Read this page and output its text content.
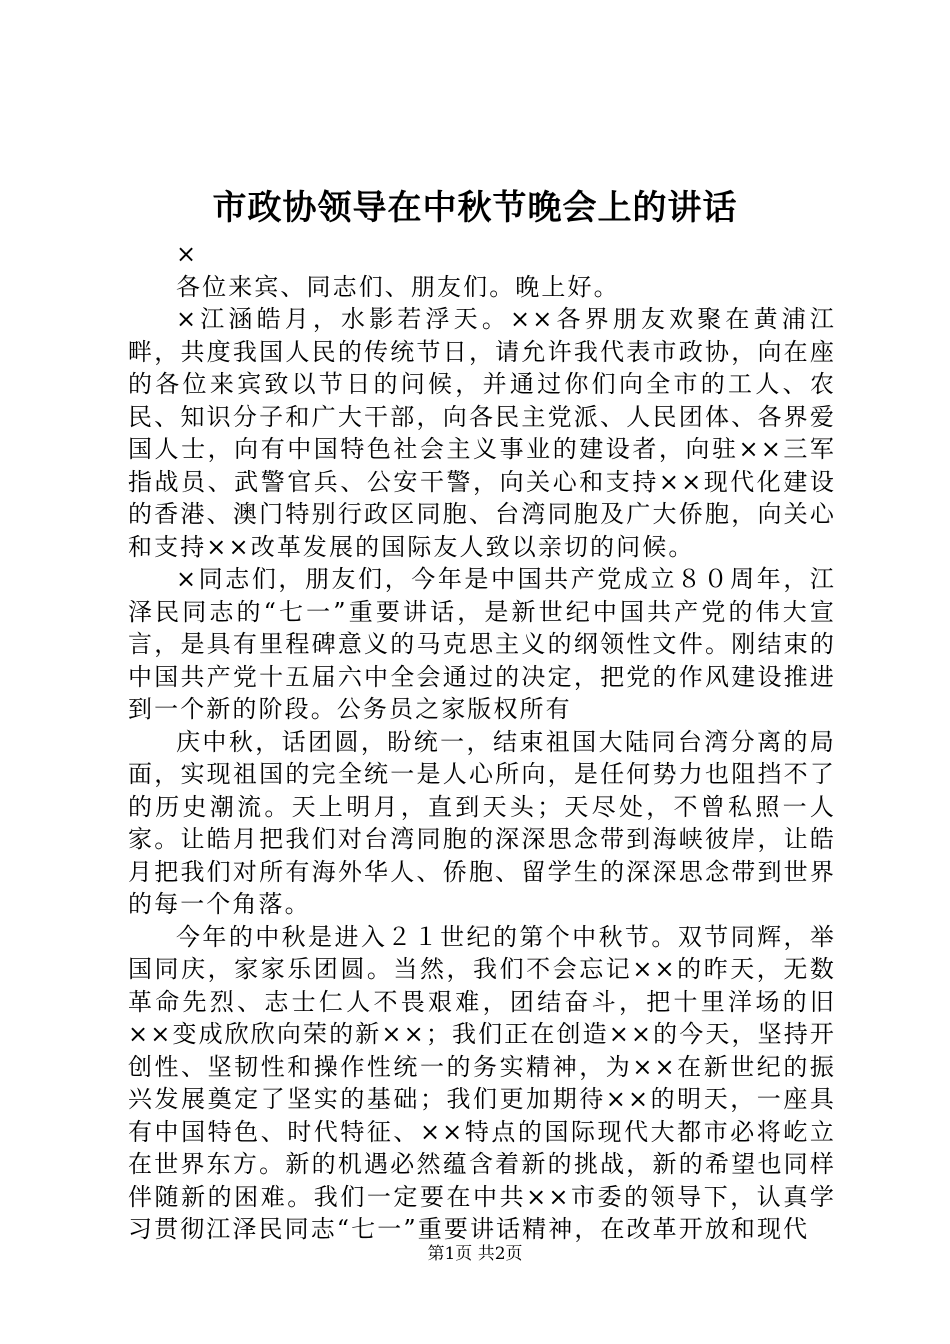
市政协领导在中秋节晚会上的讲话

×

各位来宾、同志们、朋友们。晚上好。

×江涵皓月，水影若浮天。××各界朋友欢聚在黄浦江畔，共度我国人民的传统节日，请允许我代表市政协，向在座的各位来宾致以节日的问候，并通过你们向全市的工人、农民、知识分子和广大干部，向各民主党派、人民团体、各界爱国人士，向有中国特色社会主义事业的建设者，向驻××三军指战员、武警官兵、公安干警，向关心和支持××现代化建设的香港、澳门特别行政区同胞、台湾同胞及广大侨胞，向关心和支持××改革发展的国际友人致以亲切的问候。

×同志们，朋友们，今年是中国共产党成立８０周年，江泽民同志的“七一”重要讲话，是新世纪中国共产党的伟大宣言，是具有里程碑意义的马克思主义的纲领性文件。刚结束的中国共产党十五届六中全会通过的决定，把党的作风建设推进到一个新的阶段。公务员之家版权所有

庆中秋，话团圆，盼统一，结束祖国大陆同台湾分离的局面，实现祖国的完全统一是人心所向，是任何势力也阻挡不了的历史潮流。天上明月，直到天头；天尽处，不曾私照一人家。让皓月把我们对台湾同胞的深深思念带到海峡彼岸，让皓月把我们对所有海外华人、侨胞、留学生的深深思念带到世界的每一个角落。

今年的中秋是进入２１世纪的第个中秋节。双节同辉，举国同庆，家家乐团圆。当然，我们不会忘记××的昨天，无数革命先烈、志士仁人不畏艰难，团结奋斗，把十里洋场的旧××变成欣欣向荣的新××；我们正在创造××的今天，坚持开创性、坚韧性和操作性统一的务实精神，为××在新世纪的振兴发展奠定了坚实的基础；我们更加期待××的明天，一座具有中国特色、时代特征、××特点的国际现代大都市必将屹立在世界东方。新的机遇必然蕴含着新的挑战，新的希望也同样伴随新的困难。我们一定要在中共××市委的领导下，认真学习贯彻江泽民同志“七一”重要讲话精神，在改革开放和现代

第1页 共2页
